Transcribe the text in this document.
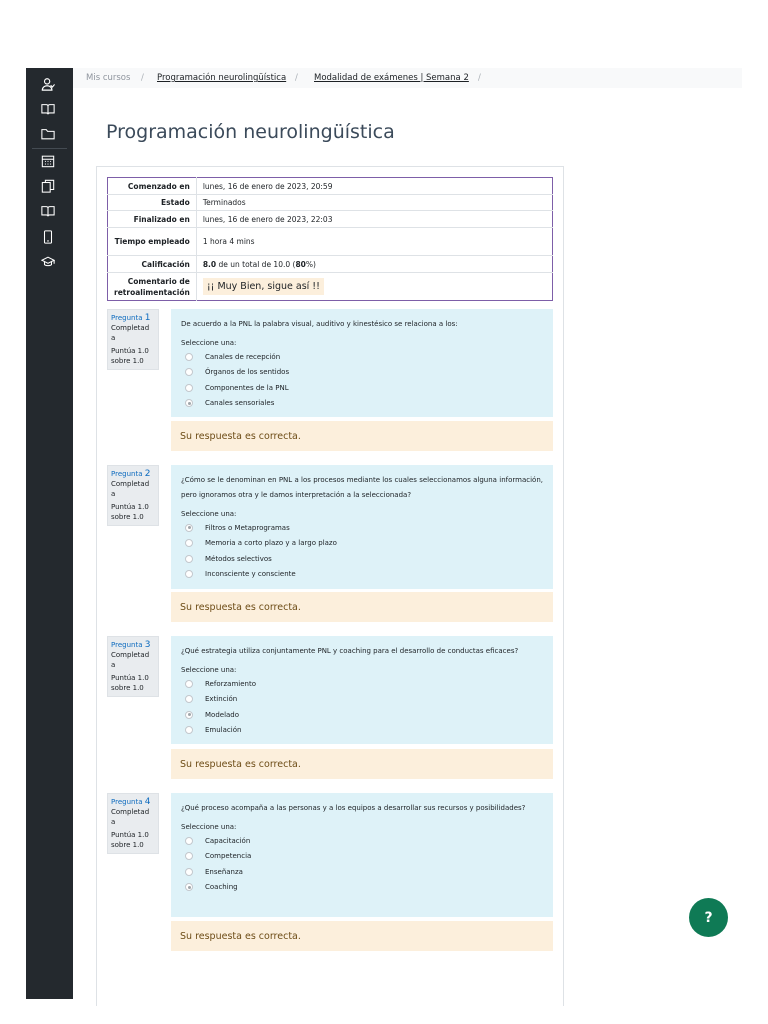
Mis cursos / Programación neurolingüística / Modalidad de exámenes | Semana 2 /
Programación neurolingüística
Comenzado en	lunes, 16 de enero de 2023, 20:59
Estado	Terminados
Finalizado en	lunes, 16 de enero de 2023, 22:03
Tiempo empleado	1 hora 4 mins
Calificación	8.0 de un total de 10.0 (80%)
Comentario de retroalimentación	¡¡ Muy Bien, sigue así !!
Pregunta 1
Completad a
Puntúa 1.0 sobre 1.0
De acuerdo a la PNL la palabra visual, auditivo y kinestésico se relaciona a los:
Seleccione una:
Canales de recepción
Órganos de los sentidos
Componentes de la PNL
Canales sensoriales
Su respuesta es correcta.
Pregunta 2
Completad a
Puntúa 1.0 sobre 1.0
¿Cómo se le denominan en PNL a los procesos mediante los cuales seleccionamos alguna información, pero ignoramos otra y le damos interpretación a la seleccionada?
Seleccione una:
Filtros o Metaprogramas
Memoria a corto plazo y a largo plazo
Métodos selectivos
Inconsciente y consciente
Su respuesta es correcta.
Pregunta 3
Completad a
Puntúa 1.0 sobre 1.0
¿Qué estrategia utiliza conjuntamente PNL y coaching para el desarrollo de conductas eficaces?
Seleccione una:
Reforzamiento
Extinción
Modelado
Emulación
Su respuesta es correcta.
Pregunta 4
Completad a
Puntúa 1.0 sobre 1.0
¿Qué proceso acompaña a las personas y a los equipos a desarrollar sus recursos y posibilidades?
Seleccione una:
Capacitación
Competencia
Enseñanza
Coaching
Su respuesta es correcta.
?
